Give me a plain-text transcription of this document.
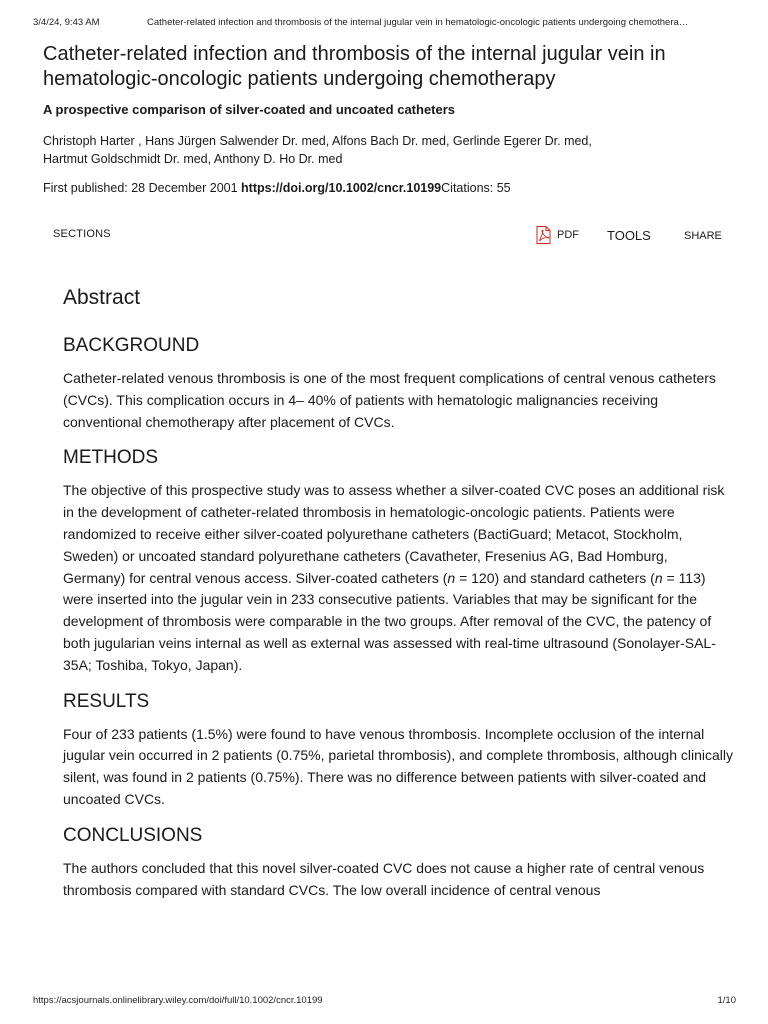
3/4/24, 9:43 AM	Catheter-related infection and thrombosis of the internal jugular vein in hematologic-oncologic patients undergoing chemothera…
Catheter-related infection and thrombosis of the internal jugular vein in hematologic-oncologic patients undergoing chemotherapy
A prospective comparison of silver-coated and uncoated catheters
Christoph Harter , Hans Jürgen Salwender Dr. med, Alfons Bach Dr. med, Gerlinde Egerer Dr. med,
Hartmut Goldschmidt Dr. med, Anthony D. Ho Dr. med
First published: 28 December 2001 https://doi.org/10.1002/cncr.10199Citations: 55
SECTIONS	PDF TOOLS	SHARE
Abstract
BACKGROUND

Catheter-related venous thrombosis is one of the most frequent complications of central venous catheters (CVCs). This complication occurs in 4– 40% of patients with hematologic malignancies receiving conventional chemotherapy after placement of CVCs.

METHODS

The objective of this prospective study was to assess whether a silver-coated CVC poses an additional risk in the development of catheter-related thrombosis in hematologic-oncologic patients. Patients were randomized to receive either silver-coated polyurethane catheters (BactiGuard; Metacot, Stockholm, Sweden) or uncoated standard polyurethane catheters (Cavatheter, Fresenius AG, Bad Homburg, Germany) for central venous access. Silver-coated catheters (n = 120) and standard catheters (n = 113) were inserted into the jugular vein in 233 consecutive patients. Variables that may be significant for the development of thrombosis were comparable in the two groups. After removal of the CVC, the patency of both jugularian veins internal as well as external was assessed with real-time ultrasound (Sonolayer-SAL-35A; Toshiba, Tokyo, Japan).

RESULTS

Four of 233 patients (1.5%) were found to have venous thrombosis. Incomplete occlusion of the internal jugular vein occurred in 2 patients (0.75%, parietal thrombosis), and complete thrombosis, although clinically silent, was found in 2 patients (0.75%). There was no difference between patients with silver-coated and uncoated CVCs.

CONCLUSIONS

The authors concluded that this novel silver-coated CVC does not cause a higher rate of central venous thrombosis compared with standard CVCs. The low overall incidence of central venous

https://acsjournals.onlinelibrary.wiley.com/doi/full/10.1002/cncr.10199	1/10
